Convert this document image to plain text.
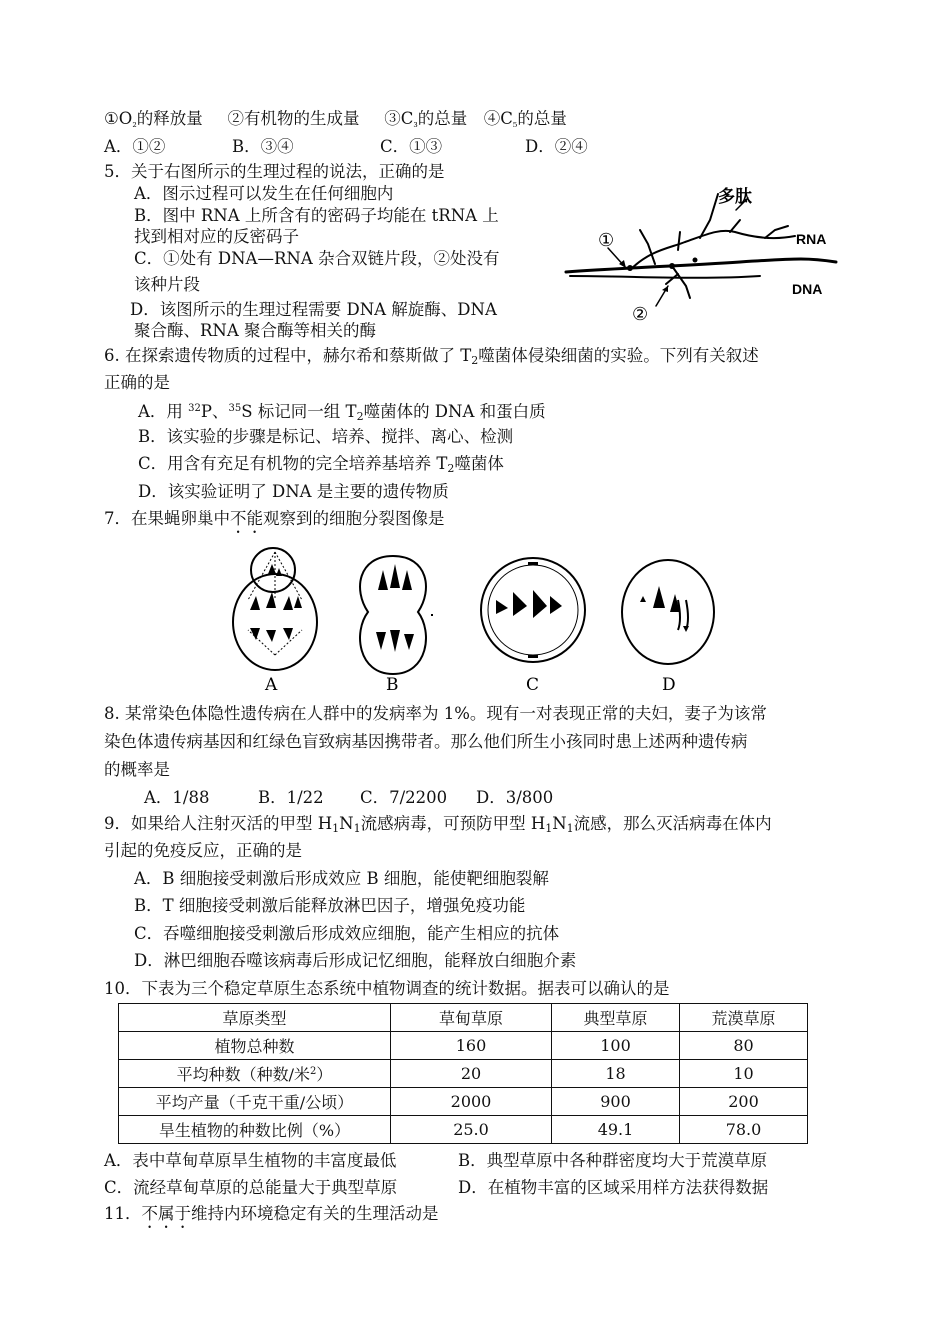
$①O_{_2}$的释放量   ②有机物的生成量   $③C_{_3}$的总量  $④C_{_5}$的总量
A．①②	B．③④	C．①③	D．②④
5．关于右图所示的生理过程的说法，正确的是
A．图示过程可以发生在任何细胞内
B．图中 RNA 上所含有的密码子均能在 tRNA 上
找到相对应的反密码子
C．①处有 DNA—RNA 杂合双链片段，②处没有
该种片段
D．该图所示的生理过程需要 DNA 解旋酶、DNA
聚合酶、RNA 聚合酶等相关的酶
多肽
RNA
DNA
①
②
6. 在探索遗传物质的过程中，赫尔希和蔡斯做了 $T_2$噬菌体侵染细菌的实验。下列有关叙述
正确的是
A．用 $^{32}$P、$^{35}$S 标记同一组 $T_2$噬菌体的 DNA 和蛋白质
B．该实验的步骤是标记、培养、搅拌、离心、检测
C．用含有充足有机物的完全培养基培养 $T_2$噬菌体
D．该实验证明了 DNA 是主要的遗传物质
7．在果蝇卵巢中不能观察到的细胞分裂图像是
A	B	C	D
8. 某常染色体隐性遗传病在人群中的发病率为 1%。现有一对表现正常的夫妇，妻子为该常
染色体遗传病基因和红绿色盲致病基因携带者。那么他们所生小孩同时患上述两种遗传病
的概率是
A．1/88	B．1/22 C．7/2200 D．3/800
9．如果给人注射灭活的甲型 $H_1N_1$流感病毒，可预防甲型 $H_1N_1$流感，那么灭活病毒在体内
引起的免疫反应，正确的是
A．B 细胞接受刺激后形成效应 B 细胞，能使靶细胞裂解
B．T 细胞接受刺激后能释放淋巴因子，增强免疫功能
C．吞噬细胞接受刺激后形成效应细胞，能产生相应的抗体
D．淋巴细胞吞噬该病毒后形成记忆细胞，能释放白细胞介素
10．下表为三个稳定草原生态系统中植物调查的统计数据。据表可以确认的是
草原类型	草甸草原	典型草原	荒漠草原
植物总种数	160	100	80
平均种数（种数/米$^2$）	20	18	10
平均产量（千克干重/公顷）	2000	900	200
旱生植物的种数比例（%）	25.0	49.1	78.0
A．表中草甸草原旱生植物的丰富度最低	B．典型草原中各种群密度均大于荒漠草原
C．流经草甸草原的总能量大于典型草原	D．在植物丰富的区域采用样方法获得数据
11．不属于维持内环境稳定有关的生理活动是
